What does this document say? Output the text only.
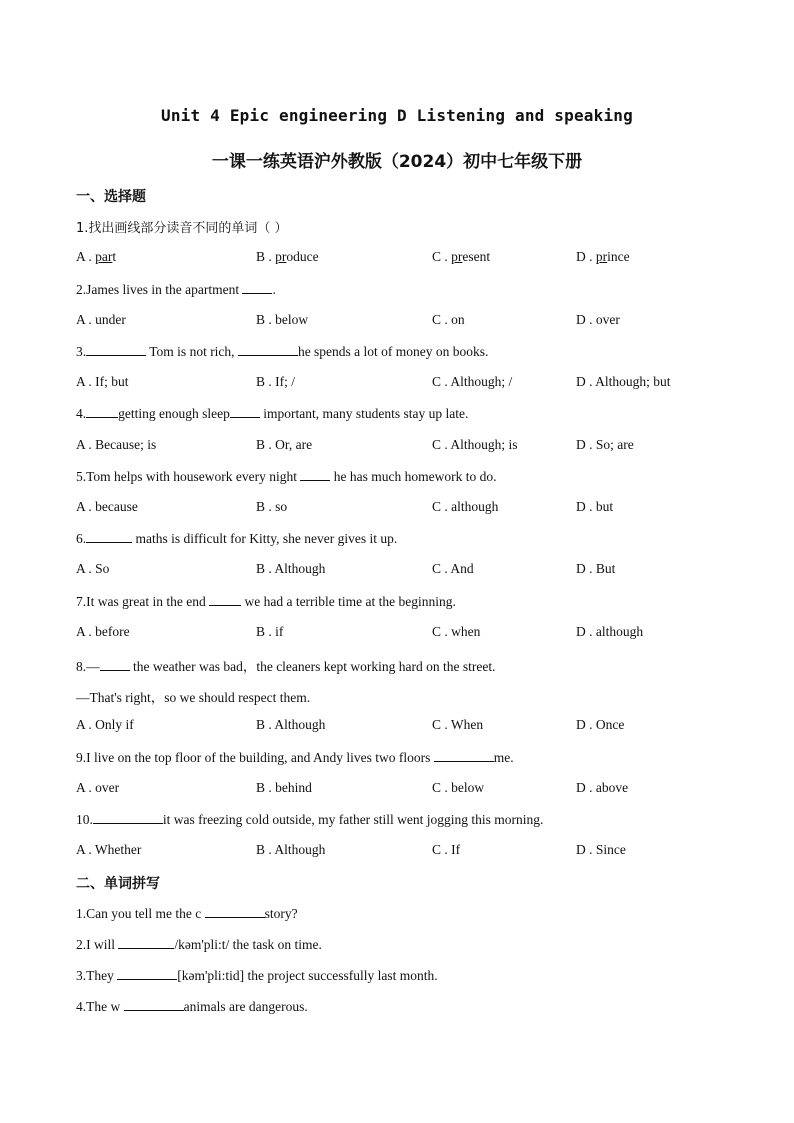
Unit 4 Epic engineering D Listening and speaking
一课一练英语沪外教版（2024）初中七年级下册
一、选择题
1.找出画线部分读音不同的单词（ ）
A . part	B . produce	C . present	D . prince
2.James lives in the apartment .
A . under	B . below	C . on	D . over
3.	Tom is not rich,	he spends a lot of money on books.
A . If; but	B . If; /	C . Although; /	D . Although; but
4. getting enough sleep important, many students stay up late.
A . Because; is	B . Or, are	C . Although; is	D . So; are
5.Tom helps with housework every night  he has much homework to do.
A . because	B . so	C . although	D . but
6.	maths is difficult for Kitty, she never gives it up.
A . So	B . Although	C . And	D . But
7.It was great in the end  we had a terrible time at the beginning.
A . before	B . if	C . when	D . although
8.— the weather was bad，the cleaners kept working hard on the street.
—That's right，so we should respect them.
A . Only if	B . Although	C . When	D . Once
9.I live on the top floor of the building, and Andy lives two floors	me.
A . over	B . behind	C . below	D . above
10.	it was freezing cold outside, my father still went jogging this morning.
A . Whether	B . Although	C . If	D . Since
二、单词拼写
1.Can you tell me the c	story?
2.I will	/kəm'pli:t/ the task on time.
3.They	[kəm'pli:tid] the project successfully last month.
4.The w	animals are dangerous.
